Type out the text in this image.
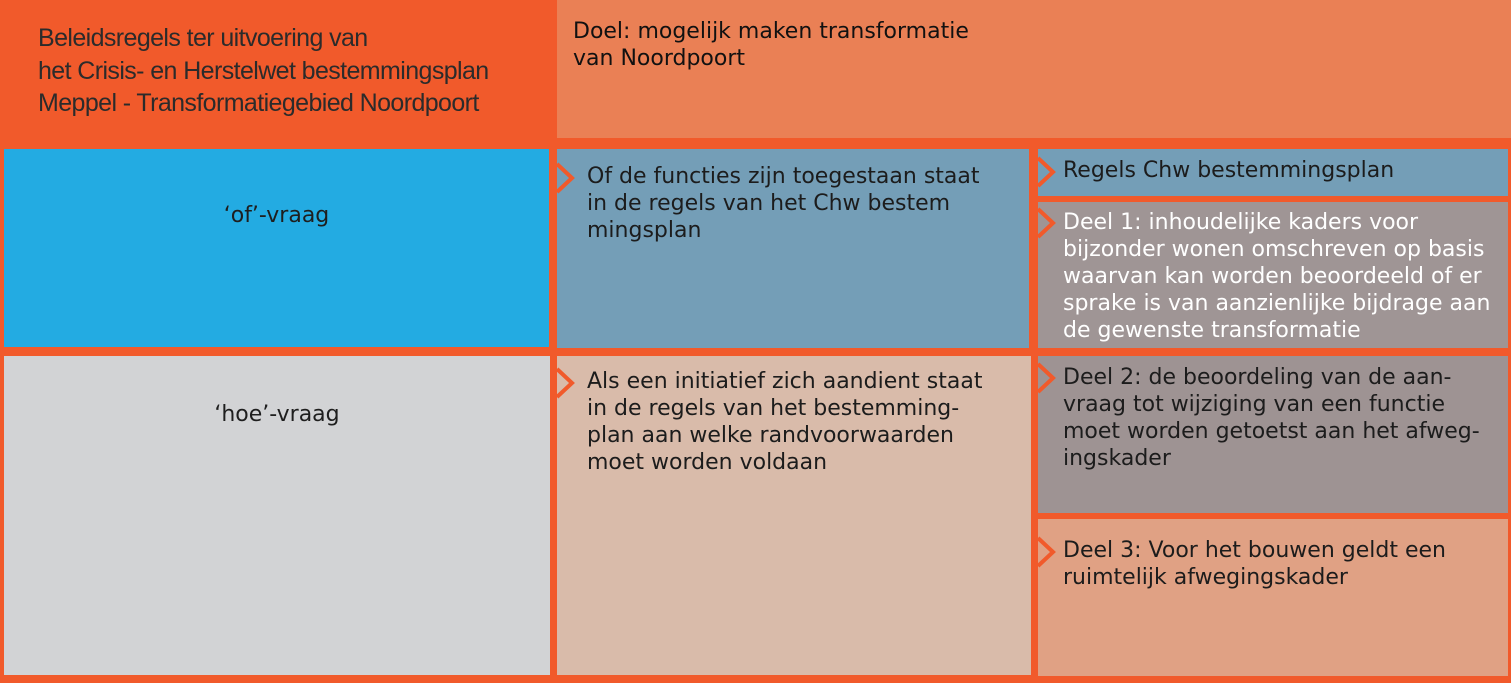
Beleidsregels ter uitvoering van
het Crisis- en Herstelwet bestemmingsplan
Meppel - Transformatiegebied Noordpoort
Doel: mogelijk maken transformatie
van Noordpoort
‘of’-vraag
‘hoe’-vraag
Of de functies zijn toegestaan staat
in de regels van het Chw bestem
mingsplan
Als een initiatief zich aandient staat
in de regels van het bestemming-
plan aan welke randvoorwaarden
moet worden voldaan
Regels Chw bestemmingsplan
Deel 1: inhoudelijke kaders voor
bijzonder wonen omschreven op basis
waarvan kan worden beoordeeld of er
sprake is van aanzienlijke bijdrage aan
de gewenste transformatie
Deel 2: de beoordeling van de aan-
vraag tot wijziging van een functie
moet worden getoetst aan het afweg-
ingskader
Deel 3: Voor het bouwen geldt een
ruimtelijk afwegingskader
